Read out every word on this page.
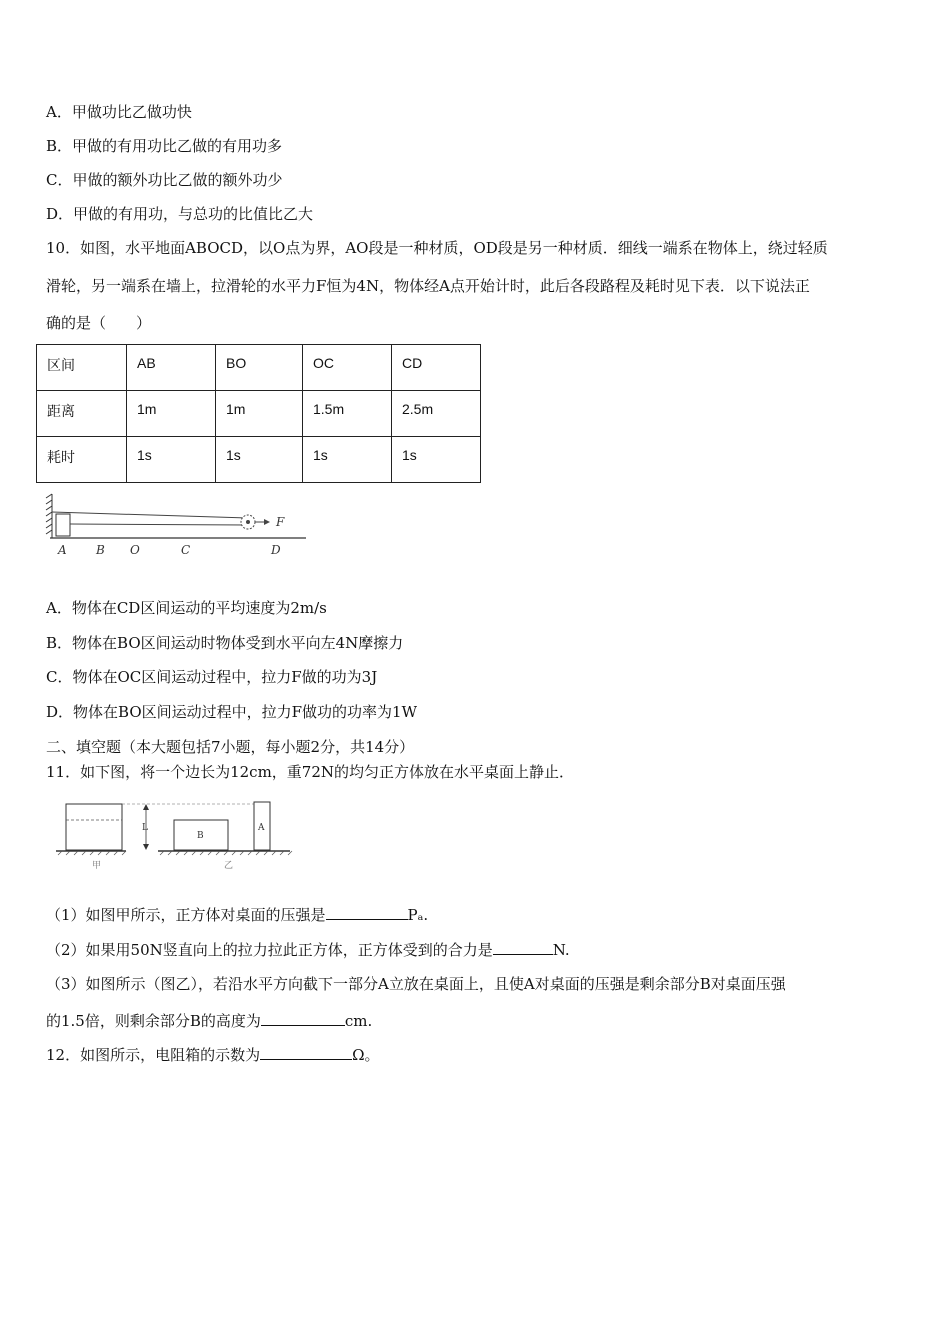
A．甲做功比乙做功快
B．甲做的有用功比乙做的有用功多
C．甲做的额外功比乙做的额外功少
D．甲做的有用功，与总功的比值比乙大
10．如图，水平地面ABOCD，以O点为界，AO段是一种材质，OD段是另一种材质．细线一端系在物体上，绕过轻质
滑轮，另一端系在墙上，拉滑轮的水平力F恒为4N，物体经A点开始计时，此后各段路程及耗时见下表．以下说法正
确的是（　　）
区间	AB	BO	OC	CD
距离	1m	1m	1.5m	2.5m
耗时	1s	1s	1s	1s
F
A B O	C	D
A．物体在CD区间运动的平均速度为2m/s
B．物体在BO区间运动时物体受到水平向左4N摩擦力
C．物体在OC区间运动过程中，拉力F做的功为3J
D．物体在BO区间运动过程中，拉力F做功的功率为1W
二、填空题（本大题包括7小题，每小题2分，共14分）
11．如下图，将一个边长为12cm，重72N的均匀正方体放在水平桌面上静止．
L
B
A
甲	乙
（1）如图甲所示，正方体对桌面的压强是	Pₐ.
（2）如果用50N竖直向上的拉力拉此正方体，正方体受到的合力是	N.
（3）如图所示（图乙），若沿水平方向截下一部分A立放在桌面上，且使A对桌面的压强是剩余部分B对桌面压强
的1.5倍，则剩余部分B的高度为	cm.
12．如图所示，电阻箱的示数为	Ω。
